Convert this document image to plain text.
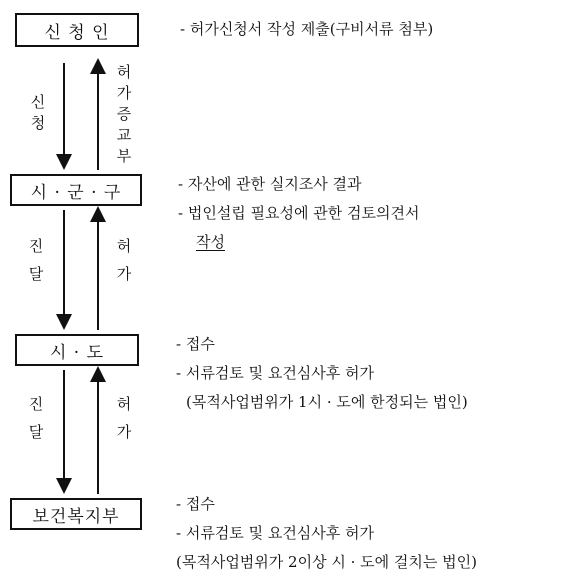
신 청 인
시 · 군 · 구
시 · 도
보건복지부
신
청
허
가
증
교
부
진
달
허
가
진
달
허
가
- 허가신청서 작성 제출(구비서류 첨부)
- 자산에 관한 실지조사 결과
- 법인설립 필요성에 관한 검토의견서
작성
- 접수
- 서류검토 및 요건심사후 허가
(목적사업범위가 1시 · 도에 한정되는 법인)
- 접수
- 서류검토 및 요건심사후 허가
(목적사업범위가 2이상 시 · 도에 걸치는 법인)
